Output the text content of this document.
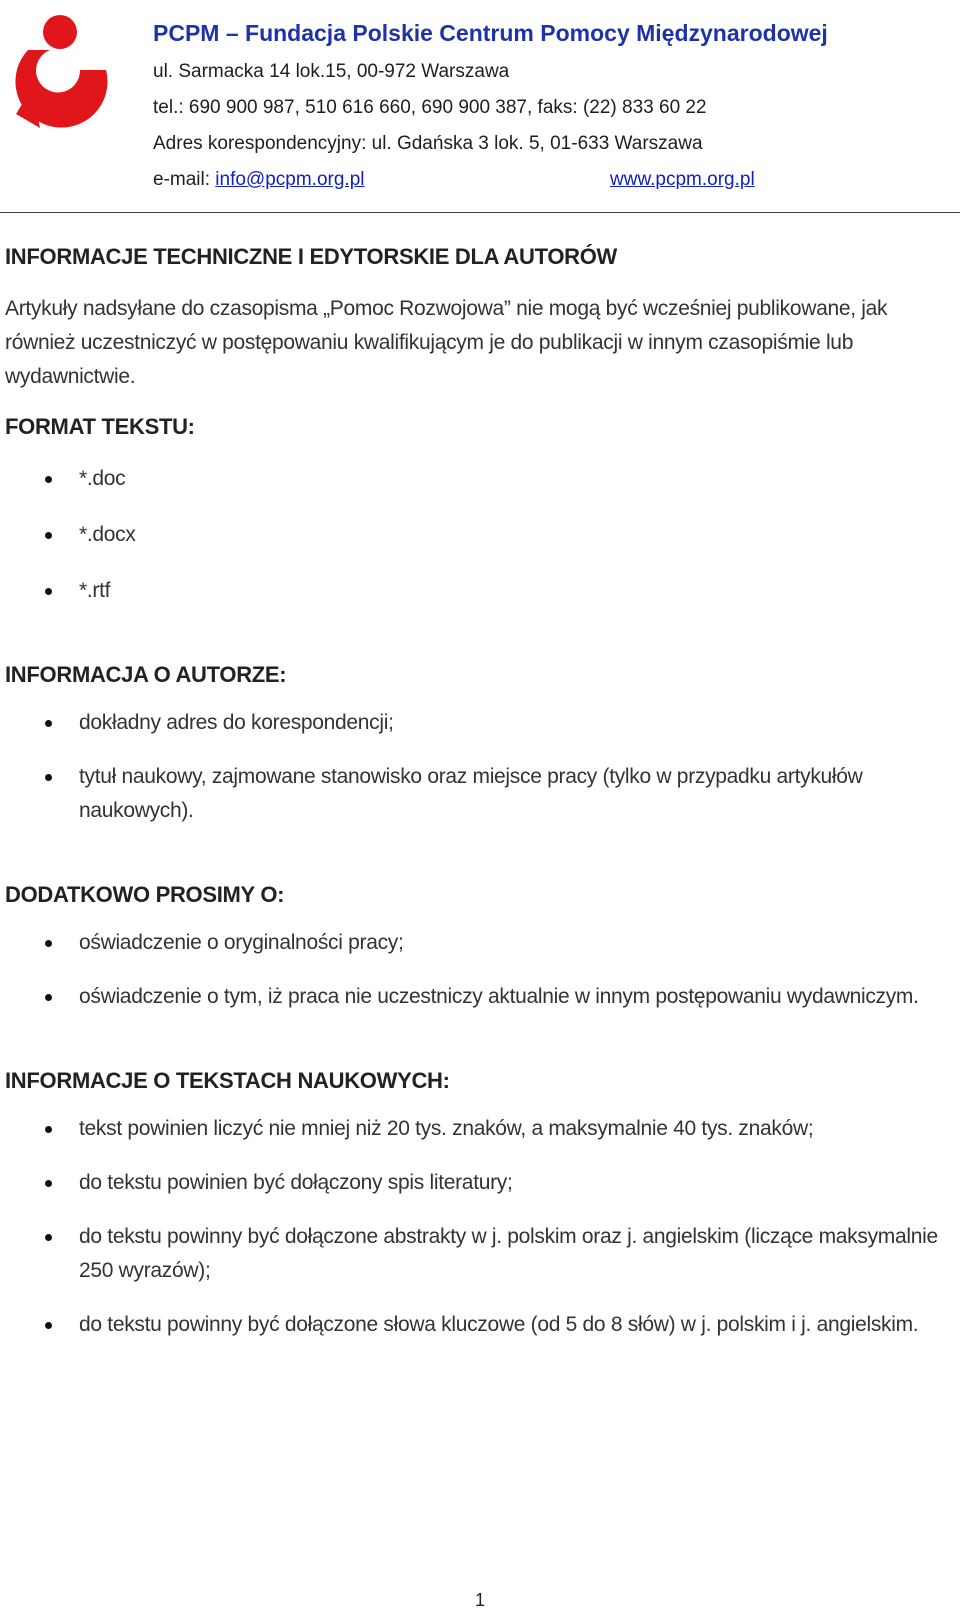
PCPM – Fundacja Polskie Centrum Pomocy Międzynarodowej
ul. Sarmacka 14 lok.15, 00-972 Warszawa
tel.: 690 900 987, 510 616 660, 690 900 387, faks: (22) 833 60 22
Adres korespondencyjny: ul. Gdańska 3 lok. 5, 01-633 Warszawa
e-mail: info@pcpm.org.pl	www.pcpm.org.pl
INFORMACJE TECHNICZNE I EDYTORSKIE DLA AUTORÓW

Artykuły nadsyłane do czasopisma „Pomoc Rozwojowa” nie mogą być wcześniej publikowane, jak również uczestniczyć w postępowaniu kwalifikującym je do publikacji w innym czasopiśmie lub wydawnictwie.

FORMAT TEKSTU:
*.doc
*.docx
*.rtf
INFORMACJA O AUTORZE:
dokładny adres do korespondencji;
tytuł naukowy, zajmowane stanowisko oraz miejsce pracy (tylko w przypadku artykułów naukowych).
DODATKOWO PROSIMY O:
oświadczenie o oryginalności pracy;
oświadczenie o tym, iż praca nie uczestniczy aktualnie w innym postępowaniu wydawniczym.
INFORMACJE O TEKSTACH NAUKOWYCH:
tekst powinien liczyć nie mniej niż 20 tys. znaków, a maksymalnie 40 tys. znaków;
do tekstu powinien być dołączony spis literatury;
do tekstu powinny być dołączone abstrakty w j. polskim oraz j. angielskim (liczące maksymalnie 250 wyrazów);
do tekstu powinny być dołączone słowa kluczowe (od 5 do 8 słów) w j. polskim i j. angielskim.
1
